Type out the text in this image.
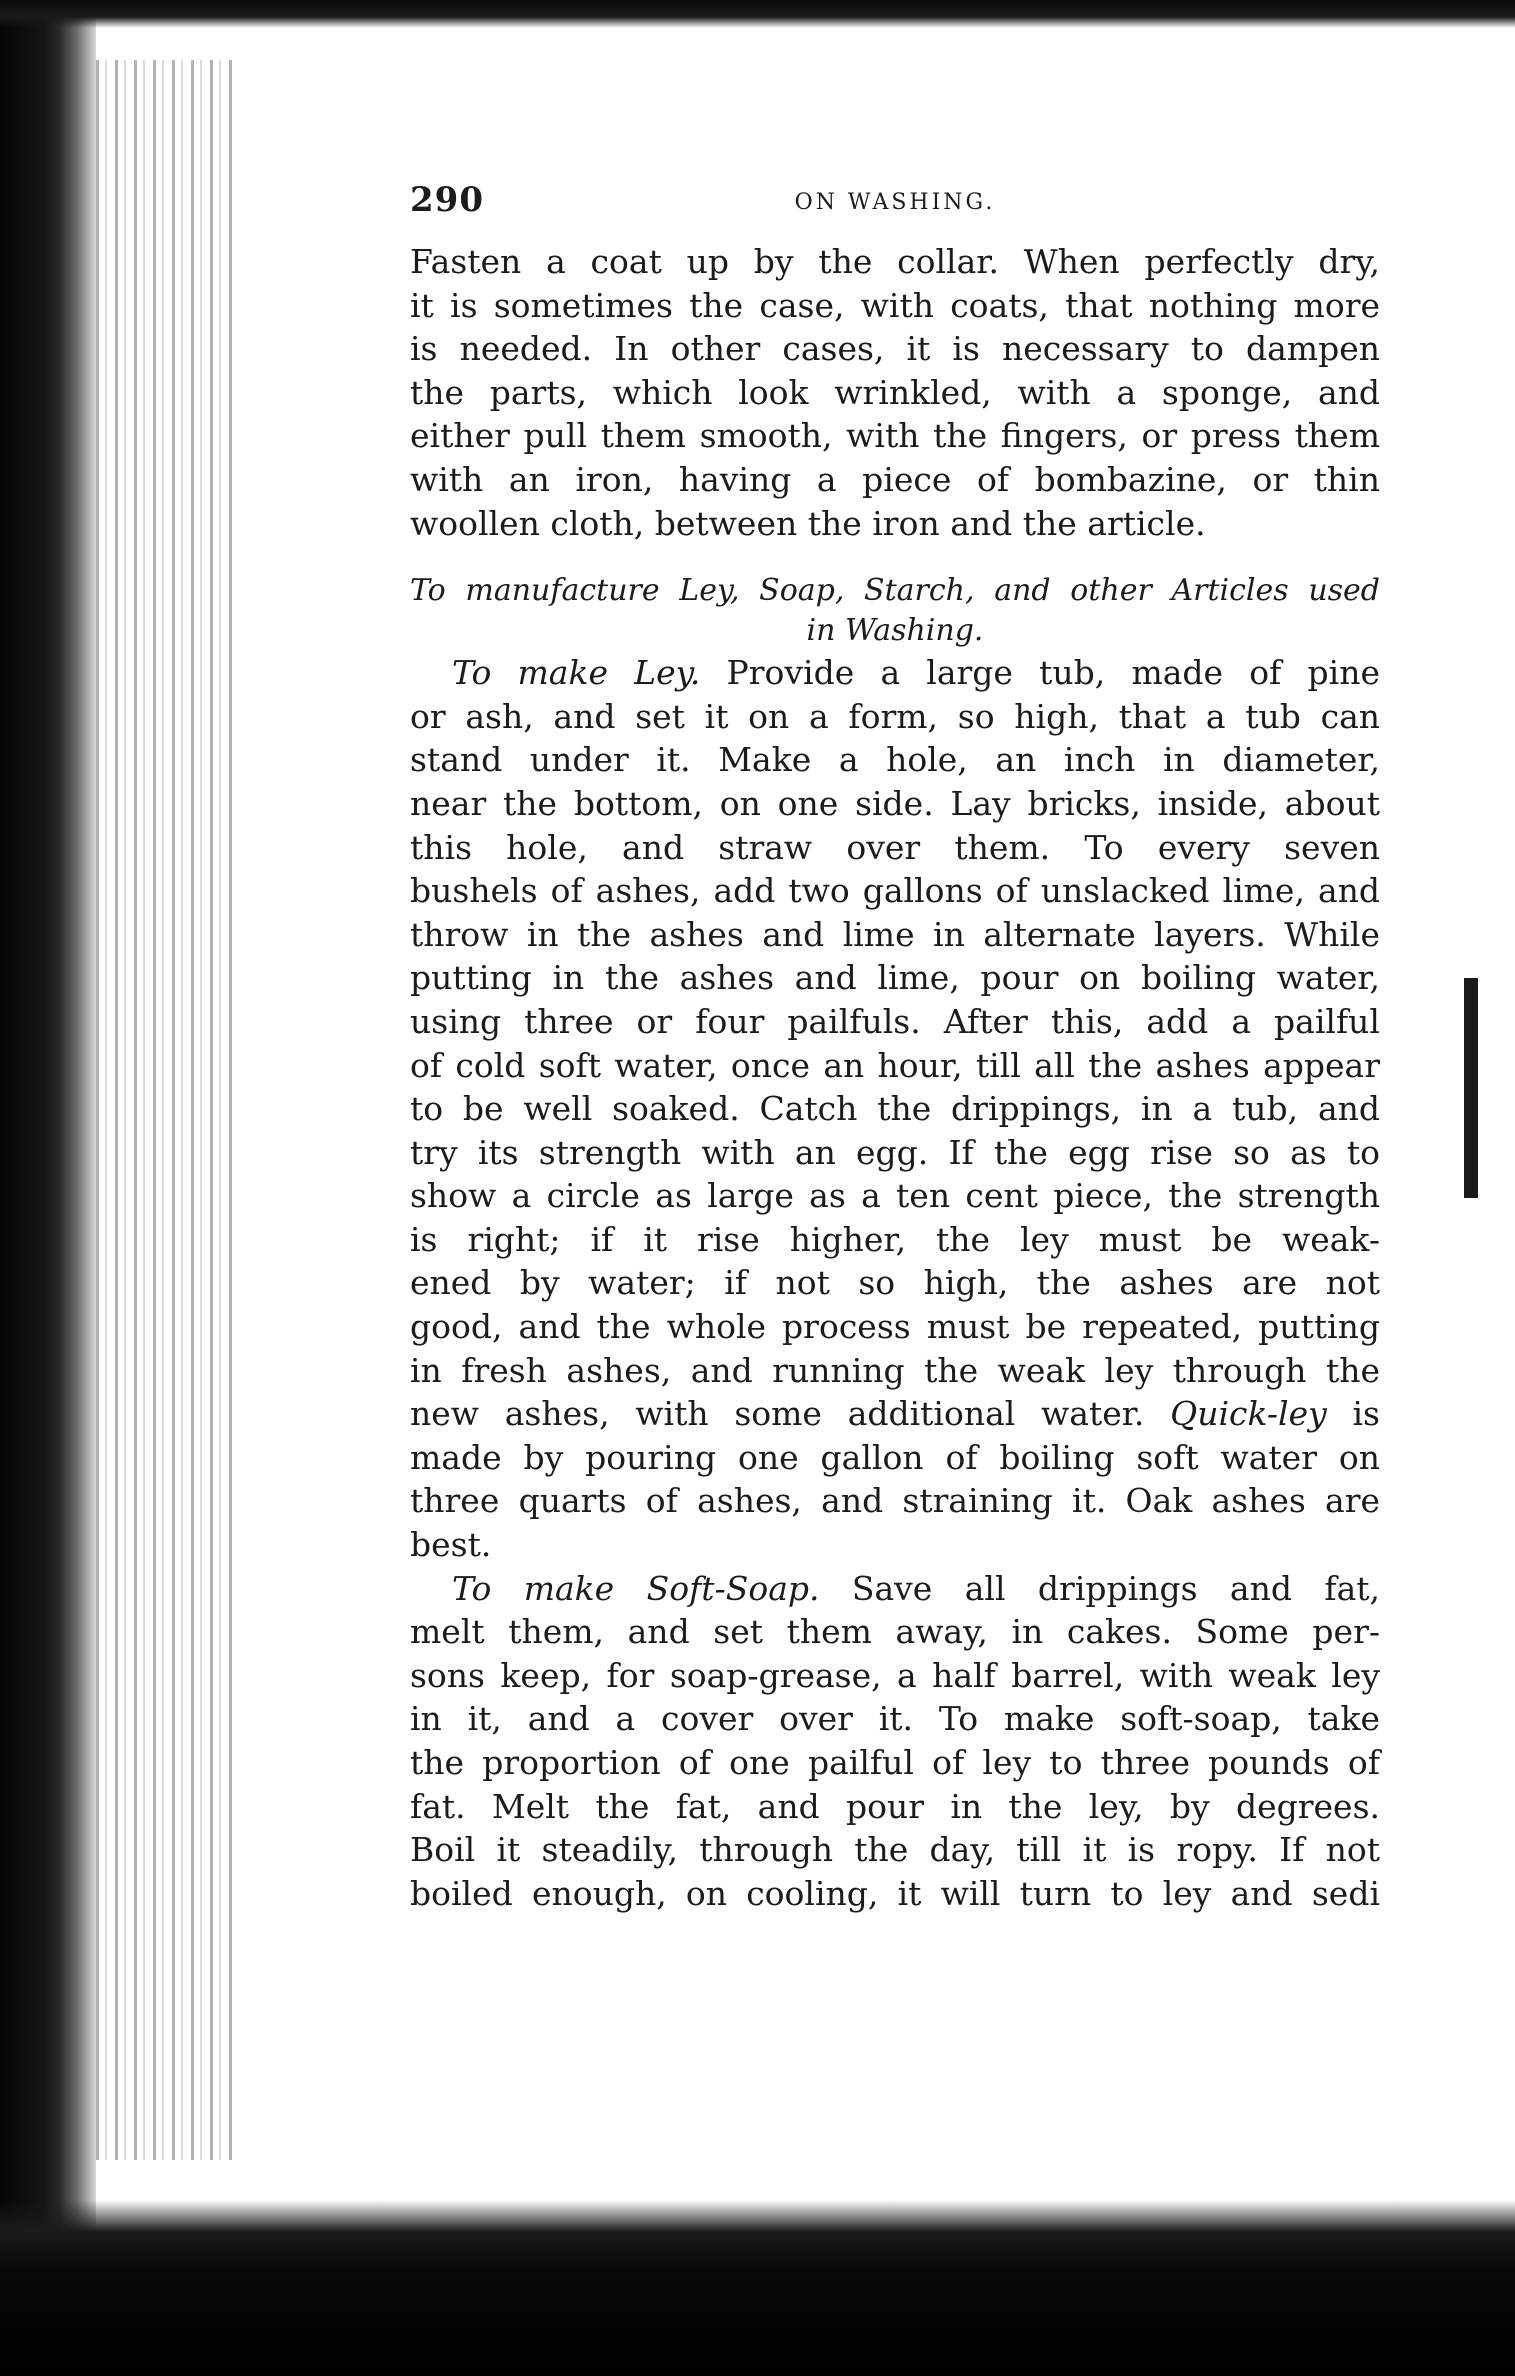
290	ON WASHING.
Fasten a coat up by the collar. When perfectly dry,
it is sometimes the case, with coats, that nothing more
is needed. In other cases, it is necessary to dampen
the parts, which look wrinkled, with a sponge, and
either pull them smooth, with the fingers, or press them
with an iron, having a piece of bombazine, or thin
woollen cloth, between the iron and the article.
To manufacture Ley, Soap, Starch, and other Articles used
in Washing.
To make Ley. Provide a large tub, made of pine
or ash, and set it on a form, so high, that a tub can
stand under it. Make a hole, an inch in diameter,
near the bottom, on one side. Lay bricks, inside, about
this hole, and straw over them. To every seven
bushels of ashes, add two gallons of unslacked lime, and
throw in the ashes and lime in alternate layers. While
putting in the ashes and lime, pour on boiling water,
using three or four pailfuls. After this, add a pailful
of cold soft water, once an hour, till all the ashes appear
to be well soaked. Catch the drippings, in a tub, and
try its strength with an egg. If the egg rise so as to
show a circle as large as a ten cent piece, the strength
is right; if it rise higher, the ley must be weak-
ened by water; if not so high, the ashes are not
good, and the whole process must be repeated, putting
in fresh ashes, and running the weak ley through the
new ashes, with some additional water. Quick-ley is
made by pouring one gallon of boiling soft water on
three quarts of ashes, and straining it. Oak ashes are
best.
To make Soft-Soap. Save all drippings and fat,
melt them, and set them away, in cakes. Some per-
sons keep, for soap-grease, a half barrel, with weak ley
in it, and a cover over it. To make soft-soap, take
the proportion of one pailful of ley to three pounds of
fat. Melt the fat, and pour in the ley, by degrees.
Boil it steadily, through the day, till it is ropy. If not
boiled enough, on cooling, it will turn to ley and sedi
